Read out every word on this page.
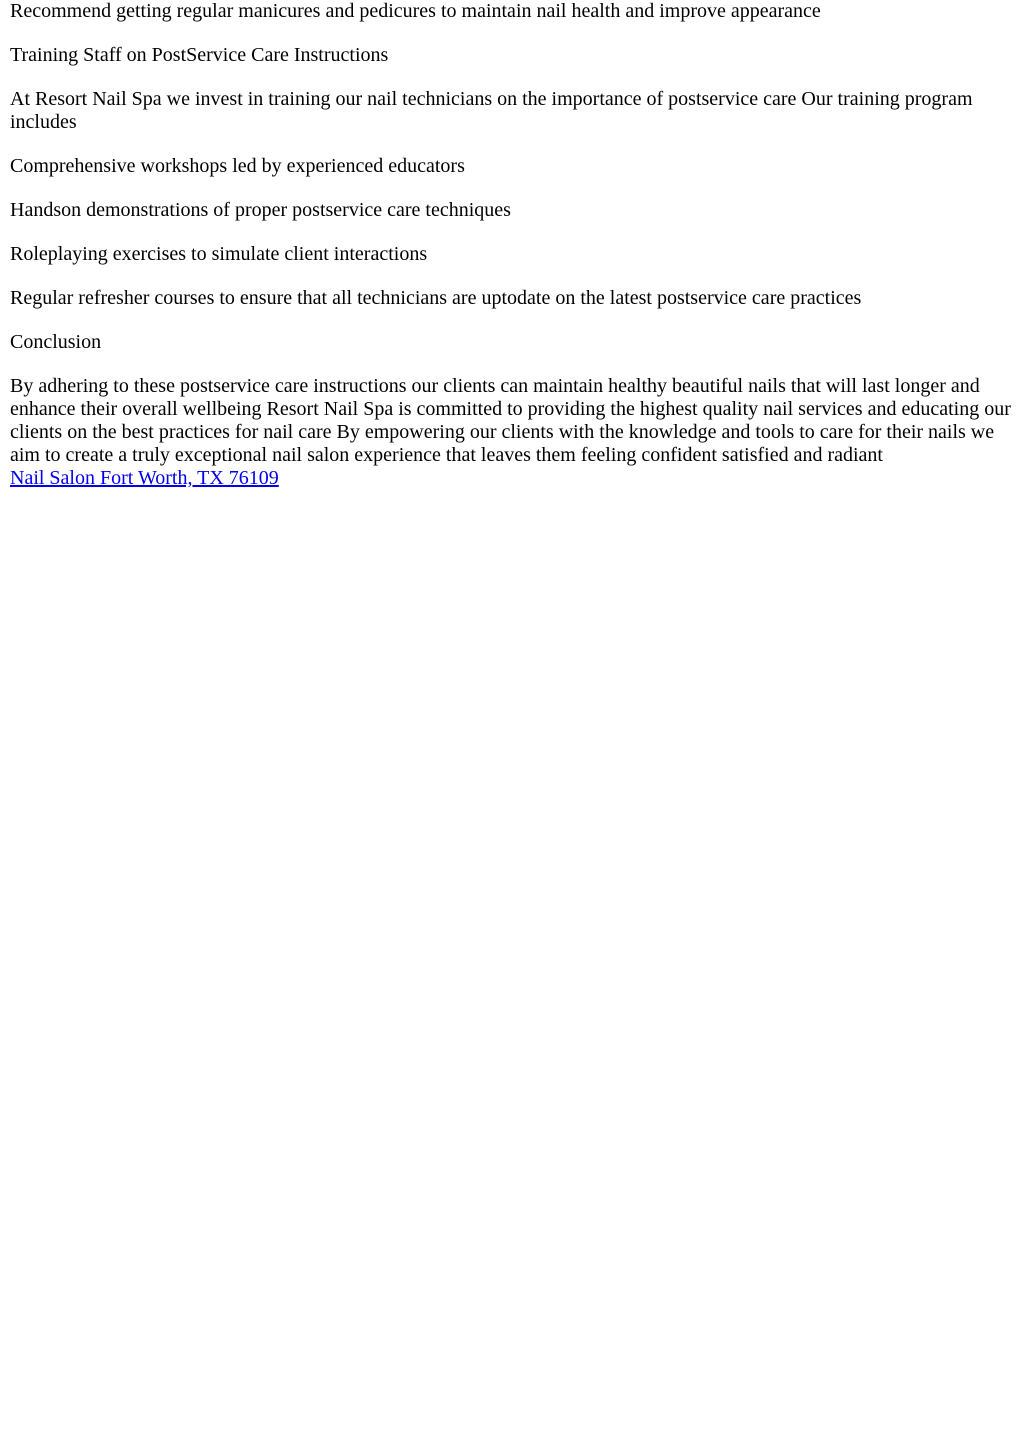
Recommend getting regular manicures and pedicures to maintain nail health and improve appearance

Training Staff on PostService Care Instructions

At Resort Nail Spa we invest in training our nail technicians on the importance of postservice care Our training program includes

Comprehensive workshops led by experienced educators

Handson demonstrations of proper postservice care techniques

Roleplaying exercises to simulate client interactions

Regular refresher courses to ensure that all technicians are uptodate on the latest postservice care practices

Conclusion

By adhering to these postservice care instructions our clients can maintain healthy beautiful nails that will last longer and enhance their overall wellbeing Resort Nail Spa is committed to providing the highest quality nail services and educating our clients on the best practices for nail care By empowering our clients with the knowledge and tools to care for their nails we aim to create a truly exceptional nail salon experience that leaves them feeling confident satisfied and radiant
Nail Salon Fort Worth, TX 76109
